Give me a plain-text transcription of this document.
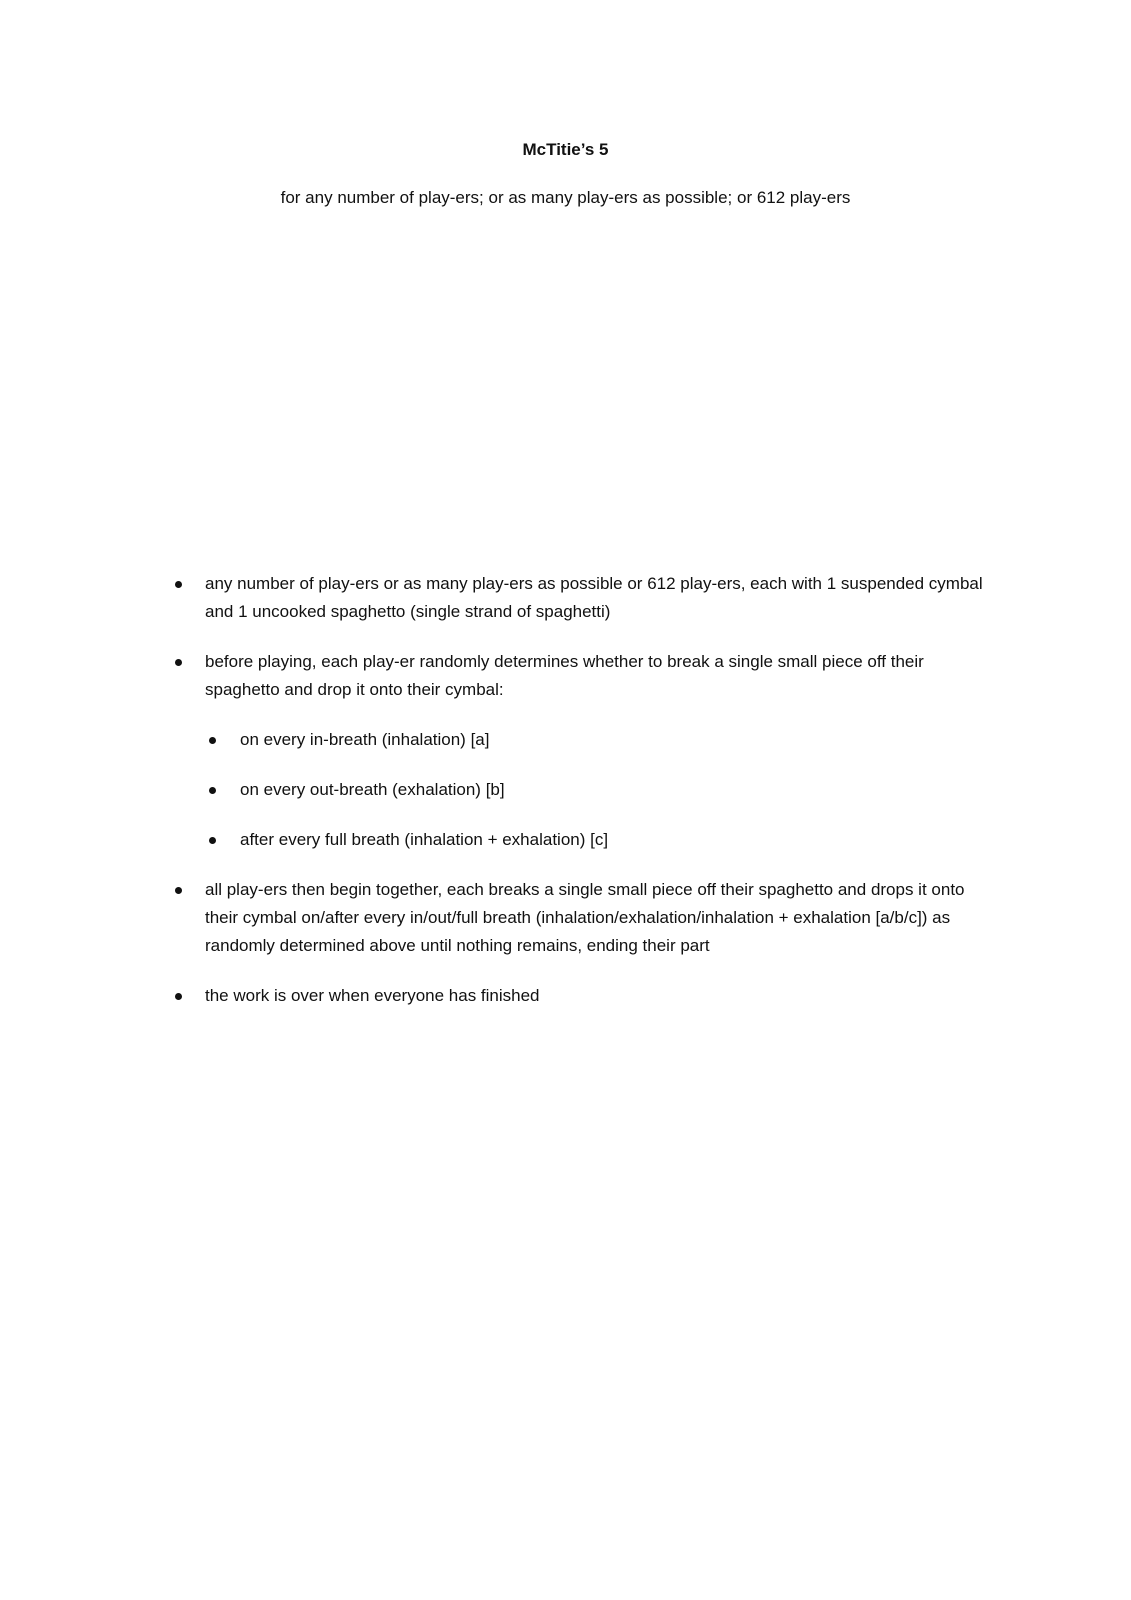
McTitie’s 5
for any number of play-ers; or as many play-ers as possible; or 612 play-ers
any number of play-ers or as many play-ers as possible or 612 play-ers, each with 1 suspended cymbal and 1 uncooked spaghetto (single strand of spaghetti)
before playing, each play-er randomly determines whether to break a single small piece off their spaghetto and drop it onto their cymbal:
on every in-breath (inhalation) [a]
on every out-breath (exhalation) [b]
after every full breath (inhalation + exhalation) [c]
all play-ers then begin together, each breaks a single small piece off their spaghetto and drops it onto their cymbal on/after every in/out/full breath (inhalation/exhalation/inhalation + exhalation [a/b/c]) as randomly determined above until nothing remains, ending their part
the work is over when everyone has finished
